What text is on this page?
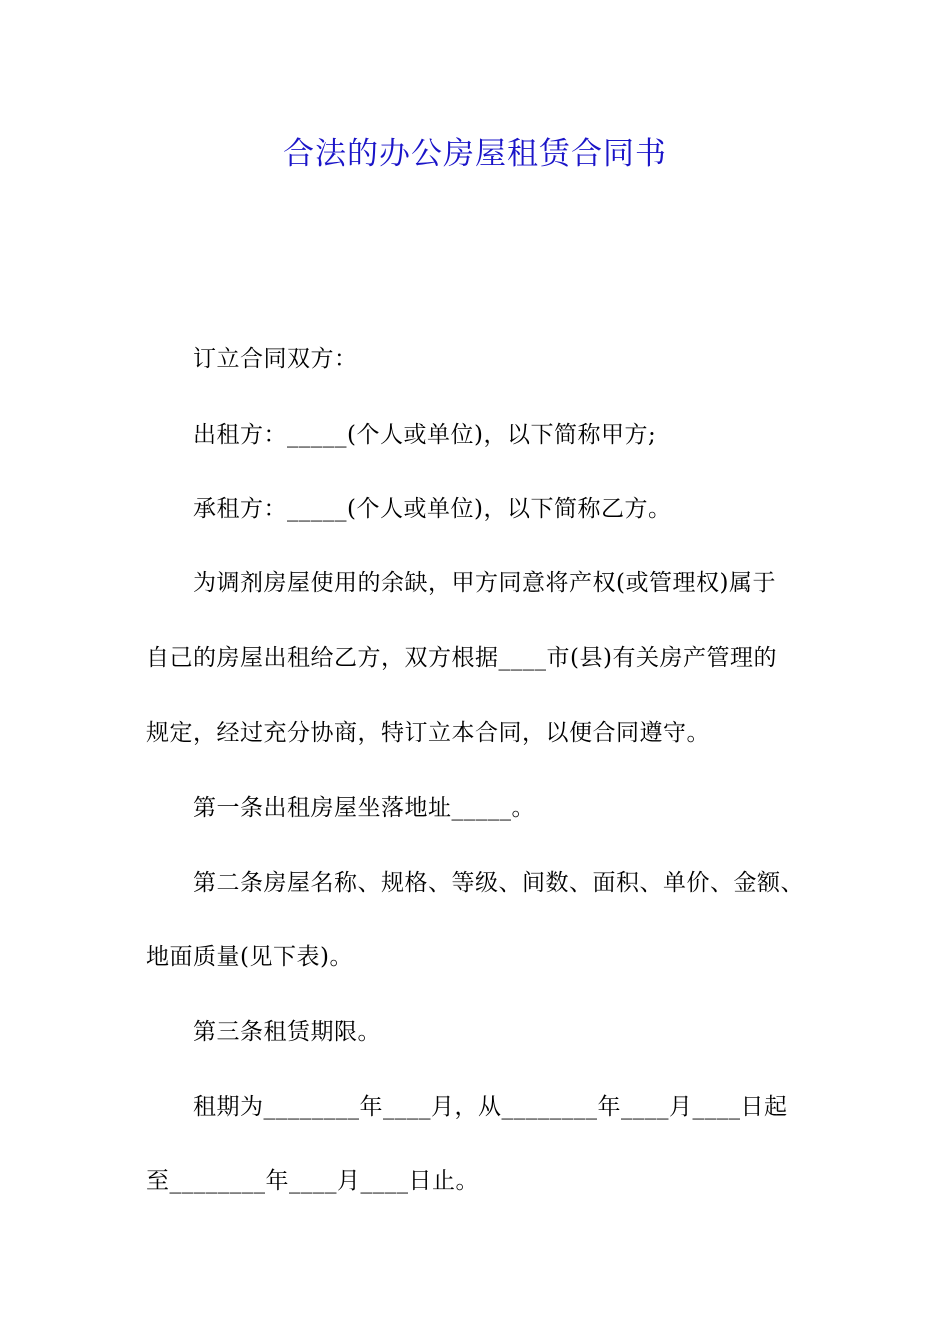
合法的办公房屋租赁合同书
订立合同双方：
出租方：_____(个人或单位)，以下简称甲方;
承租方：_____(个人或单位)，以下简称乙方。
为调剂房屋使用的余缺，甲方同意将产权(或管理权)属于
自己的房屋出租给乙方，双方根据____市(县)有关房产管理的
规定，经过充分协商，特订立本合同，以便合同遵守。
第一条出租房屋坐落地址_____。
第二条房屋名称、规格、等级、间数、面积、单价、金额、
地面质量(见下表)。
第三条租赁期限。
租期为________年____月，从________年____月____日起
至________年____月____日止。
